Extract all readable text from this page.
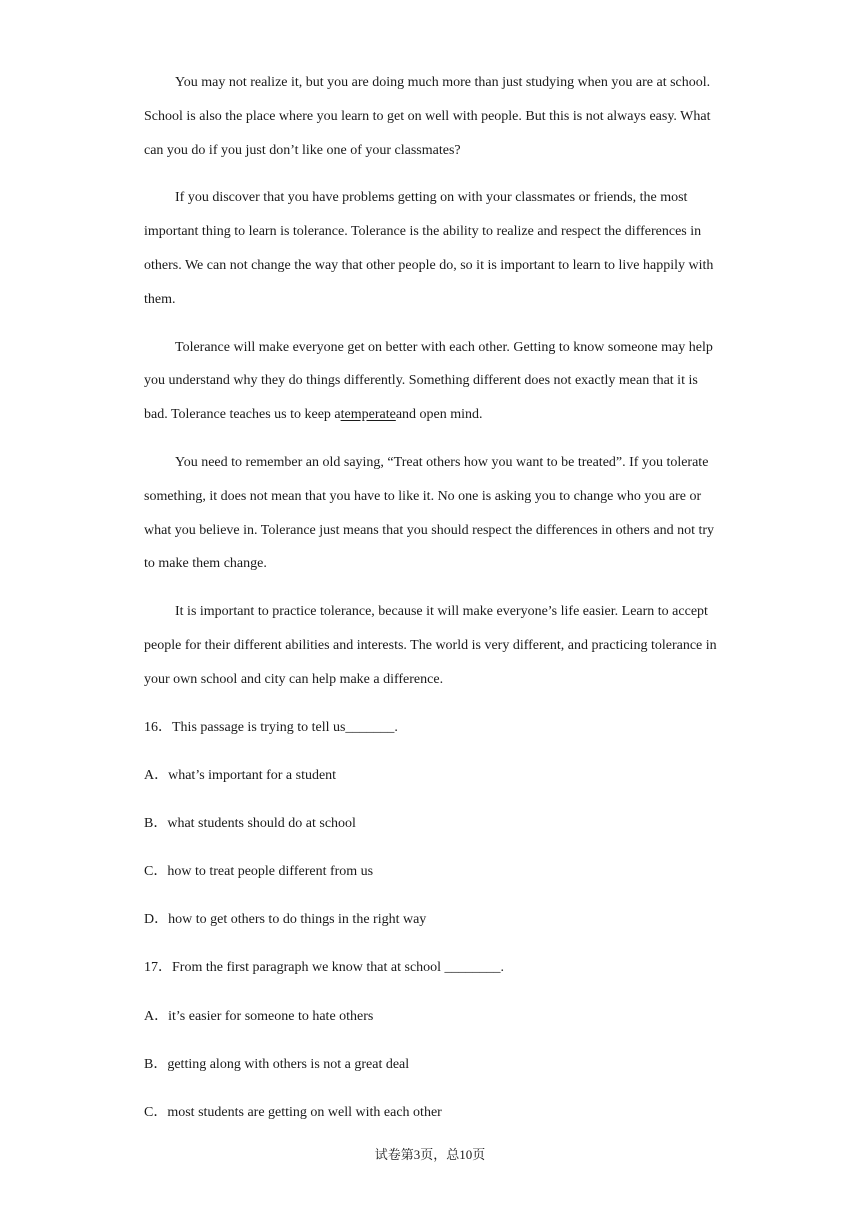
You may not realize it, but you are doing much more than just studying when you are at school. School is also the place where you learn to get on well with people. But this is not always easy. What can you do if you just don’t like one of your classmates?

If you discover that you have problems getting on with your classmates or friends, the most important thing to learn is tolerance. Tolerance is the ability to realize and respect the differences in others. We can not change the way that other people do, so it is important to learn to live happily with them.

Tolerance will make everyone get on better with each other. Getting to know someone may help you understand why they do things differently. Something different does not exactly mean that it is bad. Tolerance teaches us to keep atemperateand open mind.

You need to remember an old saying, “Treat others how you want to be treated”. If you tolerate something, it does not mean that you have to like it. No one is asking you to change who you are or what you believe in. Tolerance just means that you should respect the differences in others and not try to make them change.

It is important to practice tolerance, because it will make everyone’s life easier. Learn to accept people for their different abilities and interests. The world is very different, and practicing tolerance in your own school and city can help make a difference.

16．This passage is trying to tell us_______.

A．what’s important for a student

B．what students should do at school

C．how to treat people different from us

D．how to get others to do things in the right way

17．From the first paragraph we know that at school ________.

A．it’s easier for someone to hate others

B．getting along with others is not a great deal

C．most students are getting on well with each other

试卷第3页，总10页
